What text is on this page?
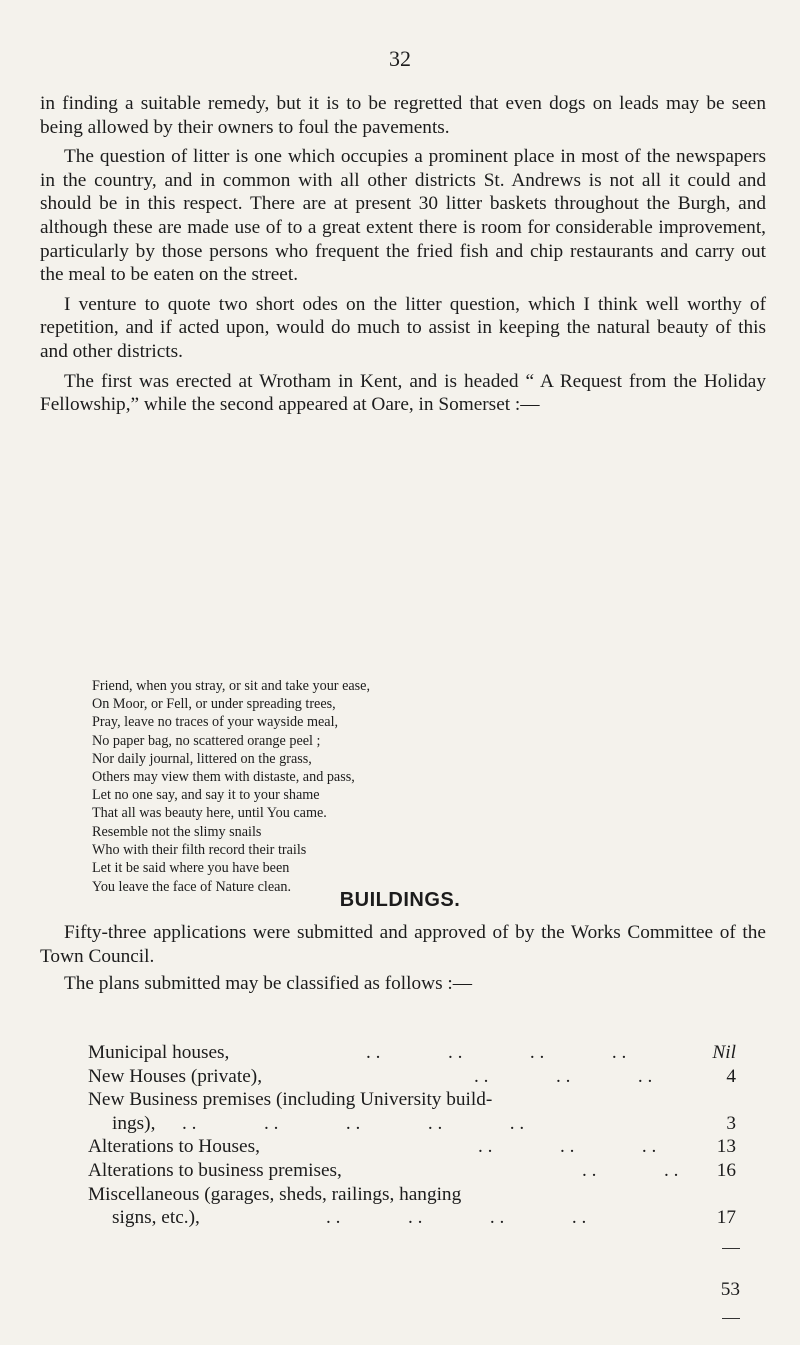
32

in finding a suitable remedy, but it is to be regretted that even dogs on leads may be seen being allowed by their owners to foul the pavements.

The question of litter is one which occupies a prominent place in most of the newspapers in the country, and in common with all other districts St. Andrews is not all it could and should be in this respect. There are at present 30 litter baskets throughout the Burgh, and although these are made use of to a great extent there is room for considerable improvement, particularly by those persons who frequent the fried fish and chip restaurants and carry out the meal to be eaten on the street.

I venture to quote two short odes on the litter question, which I think well worthy of repetition, and if acted upon, would do much to assist in keeping the natural beauty of this and other districts.

The first was erected at Wrotham in Kent, and is headed “ A Request from the Holiday Fellowship,” while the second appeared at Oare, in Somerset :—

Friend, when you stray, or sit and take your ease,
On Moor, or Fell, or under spreading trees,
Pray, leave no traces of your wayside meal,
No paper bag, no scattered orange peel ;
Nor daily journal, littered on the grass,
Others may view them with distaste, and pass,
Let no one say, and say it to your shame
That all was beauty here, until You came.
Resemble not the slimy snails
Who with their filth record their trails
Let it be said where you have been
You leave the face of Nature clean.
BUILDINGS.

Fifty-three applications were submitted and approved of by the Works Committee of the Town Council.

The plans submitted may be classified as follows :—

Municipal houses,	. .              . .              . .              . .	Nil
New Houses (private),	. .              . .              . .	4
New Business premises (including University build-
ings), . .              . .              . .              . .              . .	3
Alterations to Houses,	. .              . .              . .	13
Alterations to business premises,	. .              . . 16
Miscellaneous (garages, sheds, railings, hanging
signs, etc.),	. .              . .              . .              . .	17
53
